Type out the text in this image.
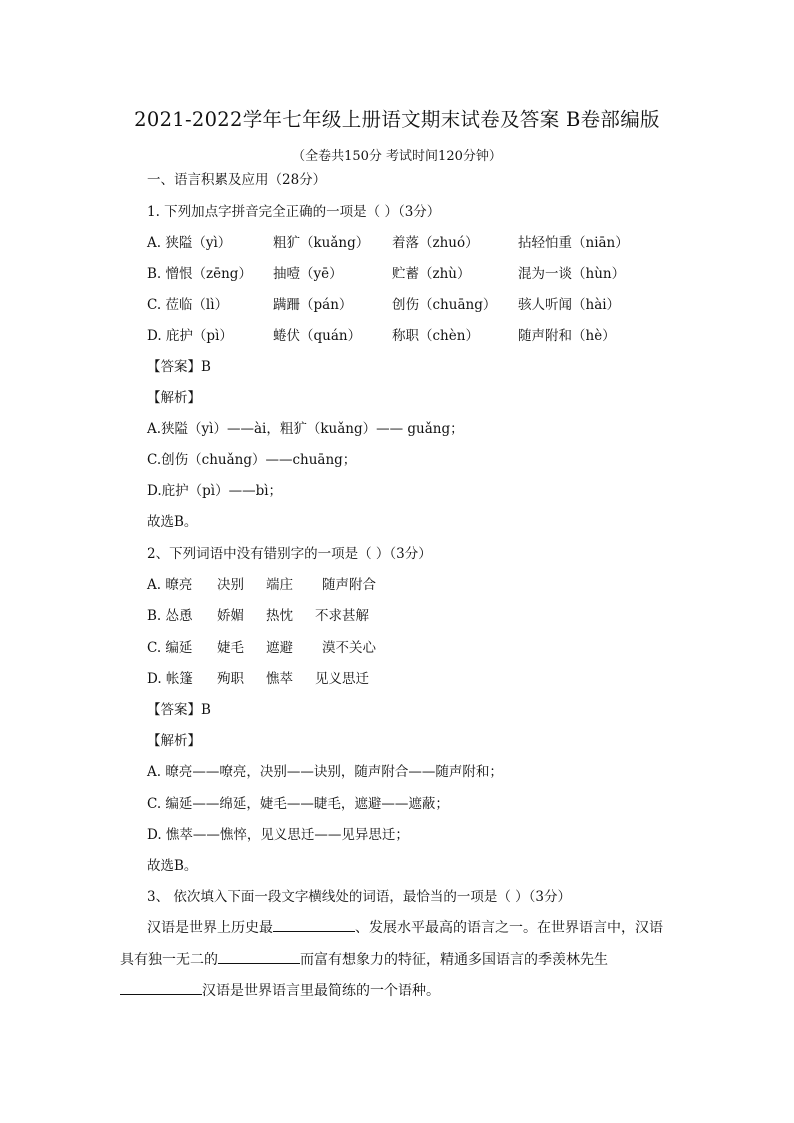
2021-2022学年七年级上册语文期末试卷及答案 B卷部编版
（全卷共150分 考试时间120分钟）
一、语言积累及应用（28分）
1. 下列加点字拼音完全正确的一项是（ ）（3分）
A. 狭隘（yì）	粗犷（kuǎng） 着落（zhuó）	拈轻怕重（niān）
B. 憎恨（zēng） 抽噎（yē）	贮蓄（zhù）	混为一谈（hùn）
C. 莅临（lì）	蹒跚（pán）	创伤（chuāng） 骇人听闻（hài）
D. 庇护（pì）	蜷伏（quán） 称职（chèn）	随声附和（hè）
【答案】B
【解析】
A.狭隘（yì）——ài，粗犷（kuǎng）—— guǎng；
C.创伤（chuǎng）——chuāng；
D.庇护（pì）——bì；
故选B。
2、下列词语中没有错别字的一项是（ ）（3分）
A. 暸亮 决别 端庄 随声附合
B. 怂恿 娇媚 热忱 不求甚解
C. 编延 婕毛 遮避 漠不关心
D. 帐篷 殉职 憔萃 见义思迁
【答案】B
【解析】
A. 暸亮——嘹亮，决别——诀别，随声附合——随声附和；
C. 编延——绵延，婕毛——睫毛，遮避——遮蔽；
D. 憔萃——憔悴，见义思迁——见异思迁；
故选B。
3、 依次填入下面一段文字横线处的词语，最恰当的一项是（ ）（3分）
汉语是世界上历史最	、发展水平最高的语言之一。在世界语言中，汉语
具有独一无二的	而富有想象力的特征，精通多国语言的季羡林先生
汉语是世界语言里最简练的一个语种。
